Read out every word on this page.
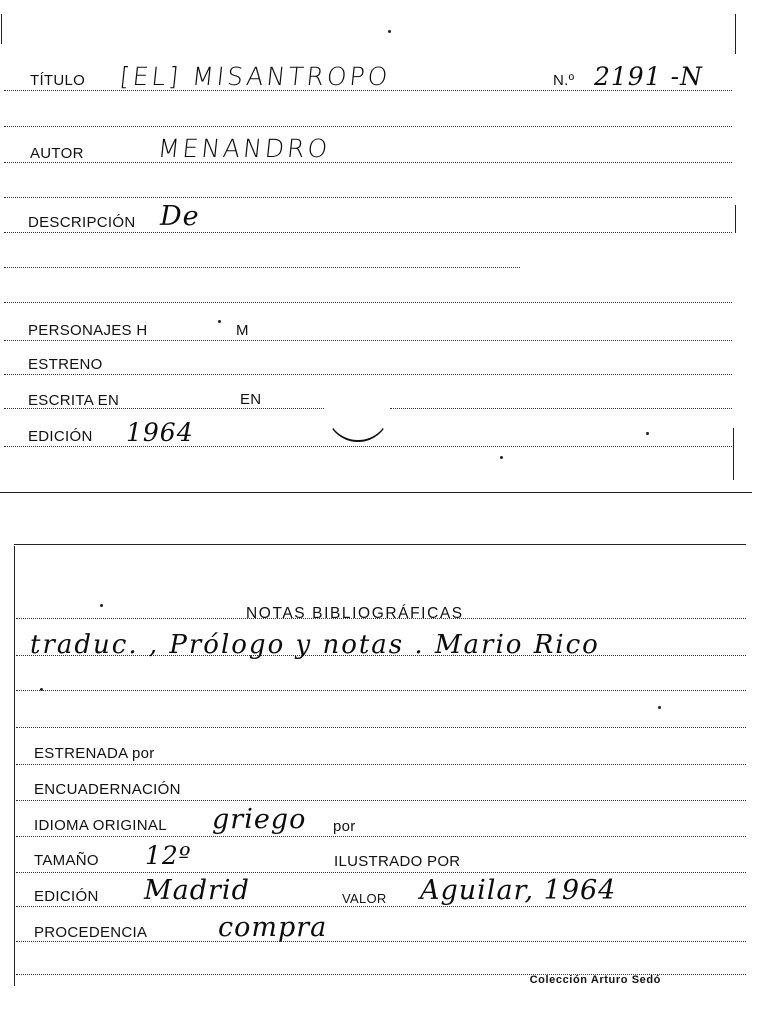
TÍTULO [EL] MISANTROPO	N.º 2191 -N
AUTOR	MENANDRO
DESCRIPCIÓN De
PERSONAJES H	M
ESTRENO
ESCRITA EN	EN
EDICIÓN 1964
NOTAS BIBLIOGRÁFICAS
traduc. , Prólogo y notas . Mario Rico
ESTRENADA por
ENCUADERNACIÓN
IDIOMA ORIGINAL griego por
TAMAÑO 12º	ILUSTRADO POR
EDICIÓN Madrid	VALOR Aguilar, 1964
PROCEDENCIA	compra
Colección Arturo Sedó
